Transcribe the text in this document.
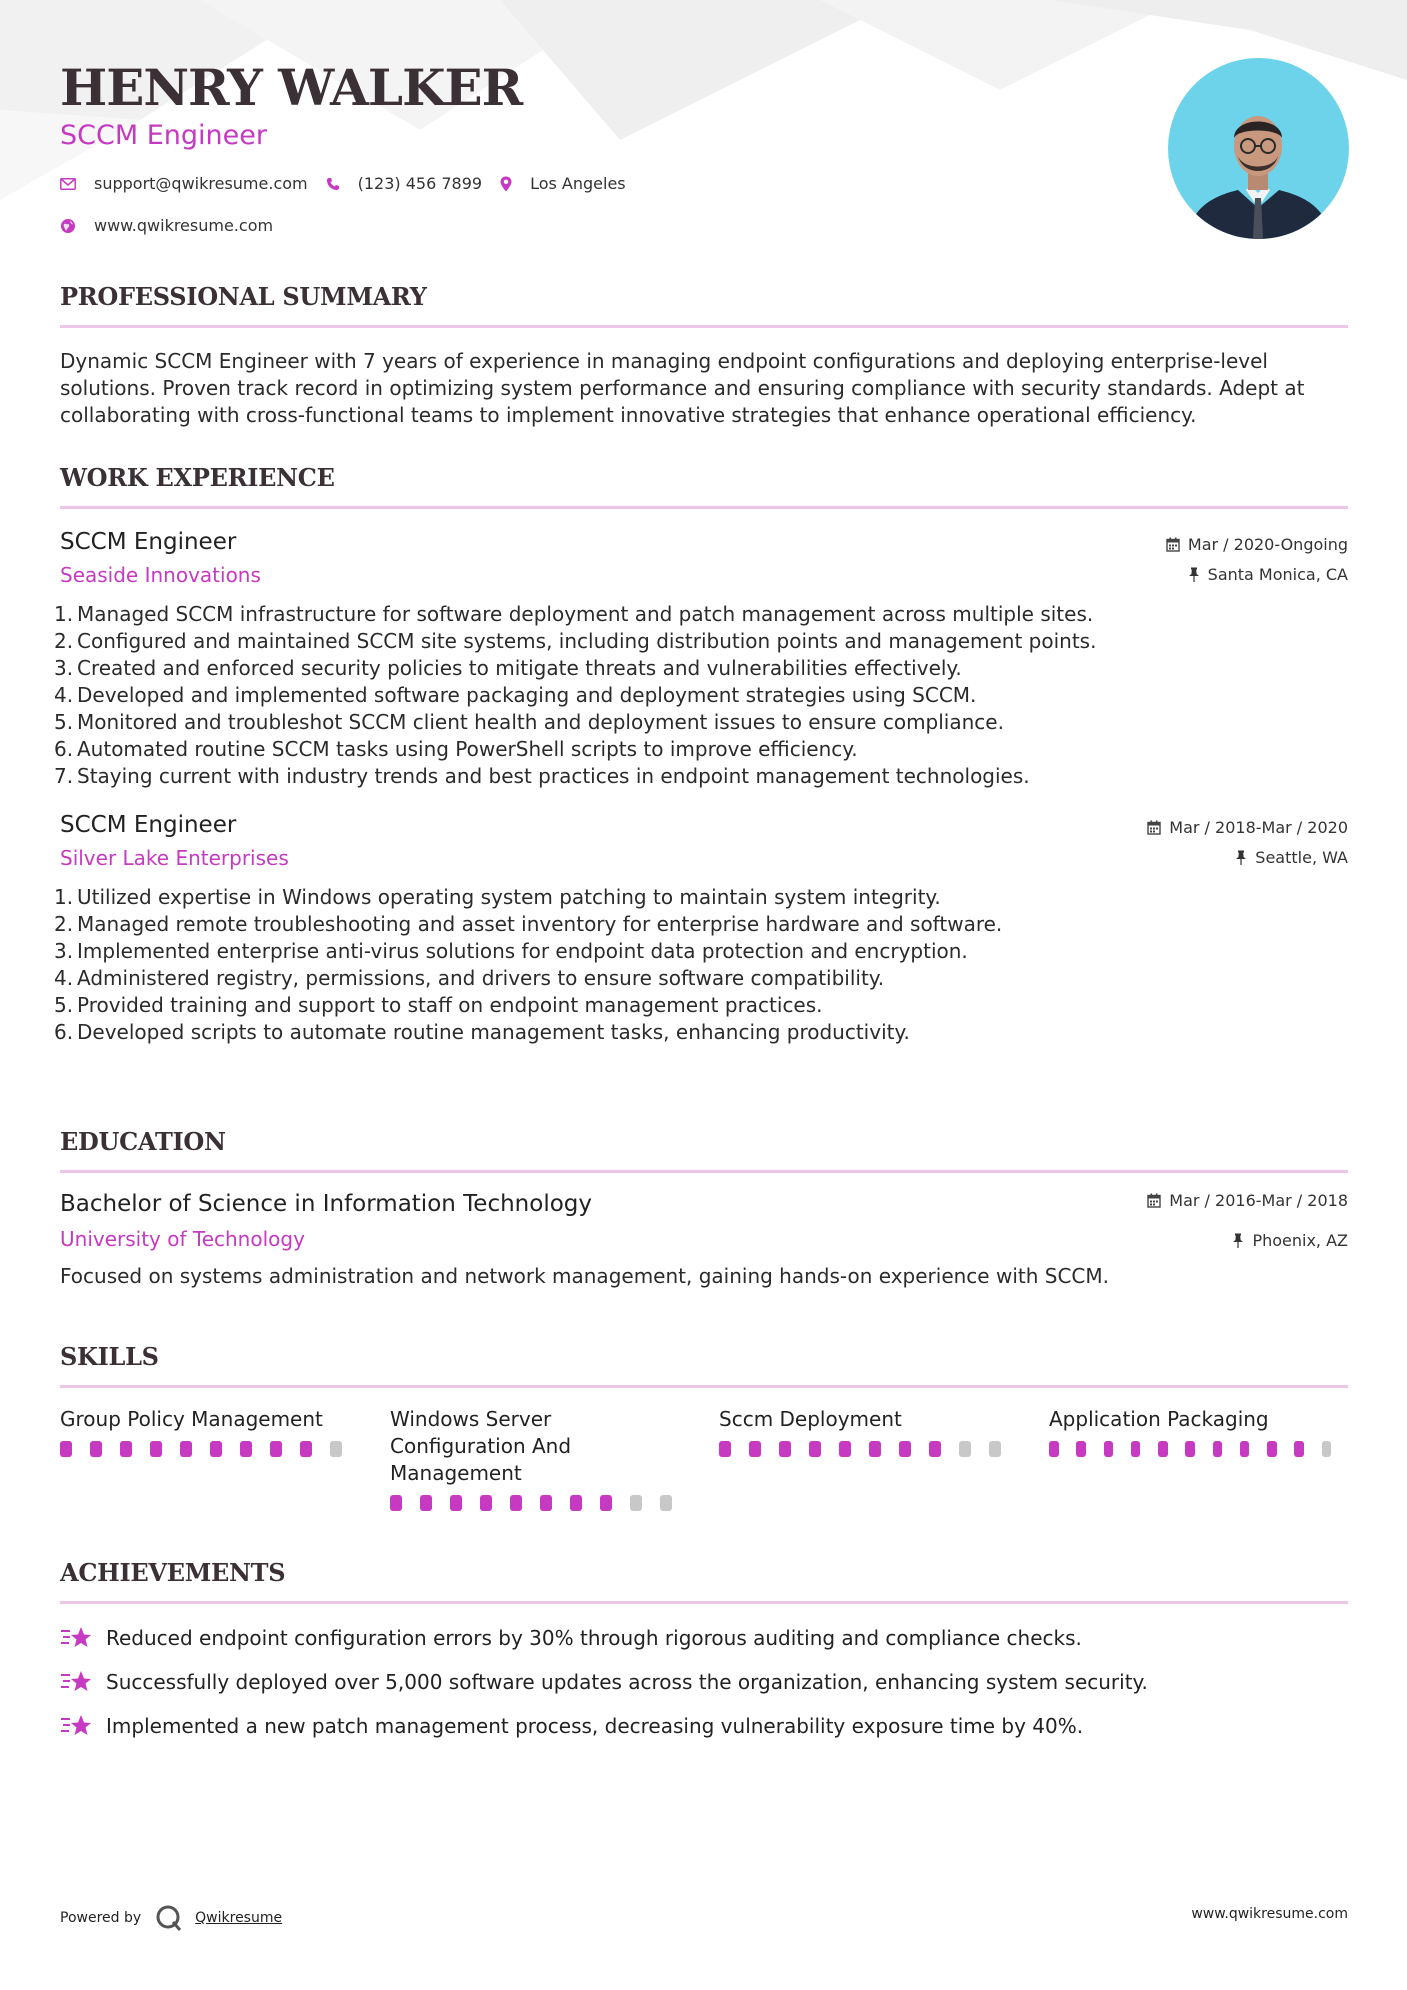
HENRY WALKER
SCCM Engineer
support@qwikresume.com	(123) 456 7899	Los Angeles
www.qwikresume.com
PROFESSIONAL SUMMARY
Dynamic SCCM Engineer with 7 years of experience in managing endpoint configurations and deploying enterprise-level solutions. Proven track record in optimizing system performance and ensuring compliance with security standards. Adept at collaborating with cross-functional teams to implement innovative strategies that enhance operational efficiency.
WORK EXPERIENCE
SCCM Engineer	Mar / 2020-Ongoing
Seaside Innovations	Santa Monica, CA
1. Managed SCCM infrastructure for software deployment and patch management across multiple sites.
2. Configured and maintained SCCM site systems, including distribution points and management points.
3. Created and enforced security policies to mitigate threats and vulnerabilities effectively.
4. Developed and implemented software packaging and deployment strategies using SCCM.
5. Monitored and troubleshot SCCM client health and deployment issues to ensure compliance.
6. Automated routine SCCM tasks using PowerShell scripts to improve efficiency.
7. Staying current with industry trends and best practices in endpoint management technologies.
SCCM Engineer	Mar / 2018-Mar / 2020
Silver Lake Enterprises	Seattle, WA
1. Utilized expertise in Windows operating system patching to maintain system integrity.
2. Managed remote troubleshooting and asset inventory for enterprise hardware and software.
3. Implemented enterprise anti-virus solutions for endpoint data protection and encryption.
4. Administered registry, permissions, and drivers to ensure software compatibility.
5. Provided training and support to staff on endpoint management practices.
6. Developed scripts to automate routine management tasks, enhancing productivity.
EDUCATION
Bachelor of Science in Information Technology	Mar / 2016-Mar / 2018
University of Technology	Phoenix, AZ
Focused on systems administration and network management, gaining hands-on experience with SCCM.
SKILLS
Group Policy Management	Windows Server Configuration And Management
Sccm Deployment	Application Packaging
ACHIEVEMENTS
Reduced endpoint configuration errors by 30% through rigorous auditing and compliance checks.
Successfully deployed over 5,000 software updates across the organization, enhancing system security.
Implemented a new patch management process, decreasing vulnerability exposure time by 40%.
Powered by	Qwikresume	www.qwikresume.com
